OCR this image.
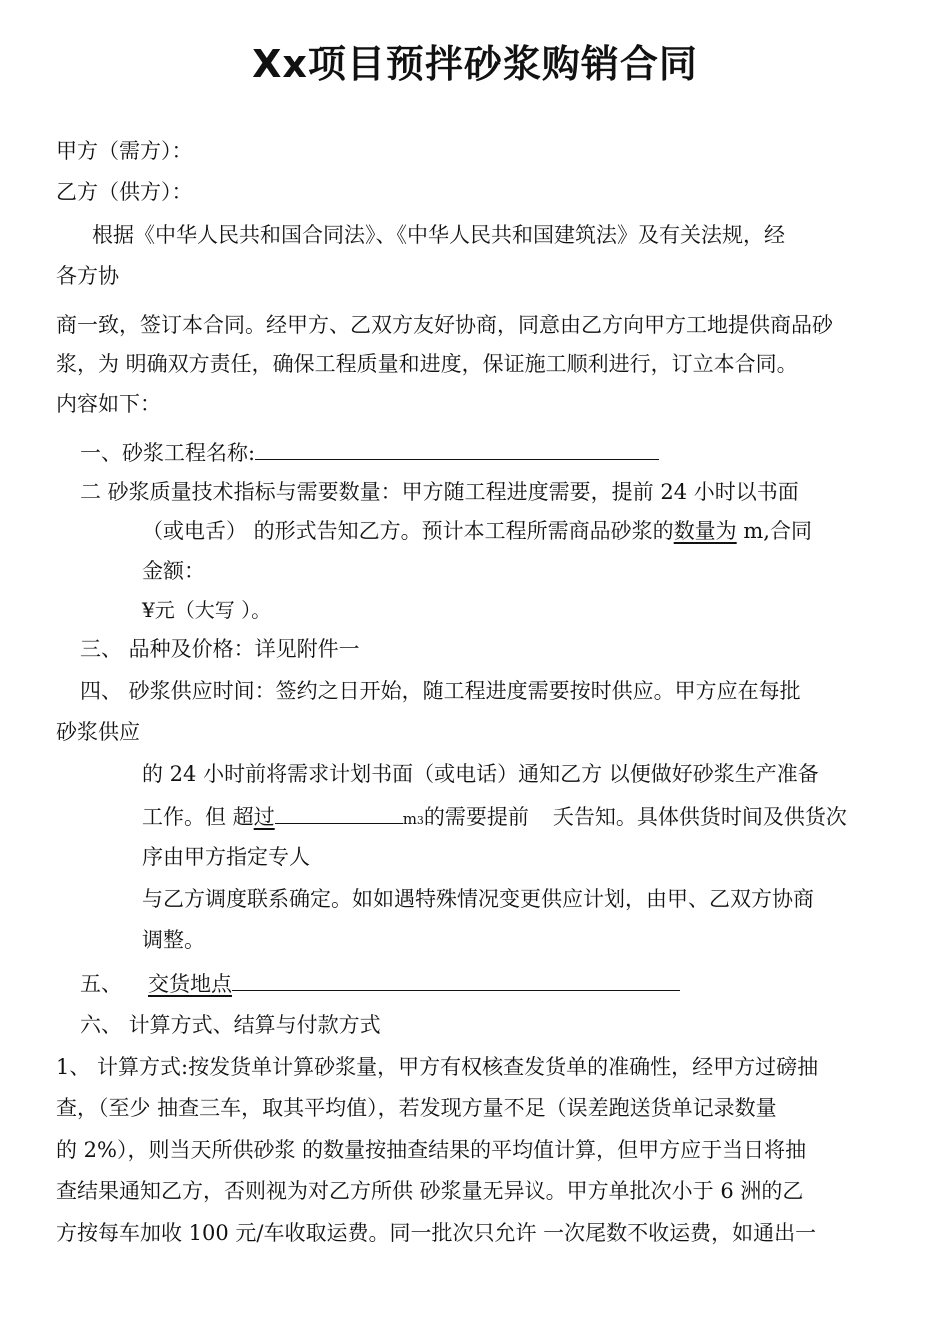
Xx项目预拌砂浆购销合同
甲方（需方）：
乙方（供方）：
根据《中华人民共和国合同法》、《中华人民共和国建筑法》及有关法规，经
各方协
商一致，签订本合同。经甲方、乙双方友好协商，同意由乙方向甲方工地提供商品砂
浆，为 明确双方责任，确保工程质量和进度，保证施工顺利进行，订立本合同。
内容如下：
一、砂浆工程名称:
二 砂浆质量技术指标与需要数量：甲方随工程进度需要，提前 24 小时以书面
（或电舌） 的形式告知乙方。预计本工程所需商品砂浆的数量为 m,合同
金额：
¥元（大写 ）。
三、 品种及价格：详见附件一
四、 砂浆供应时间：签约之日开始，随工程进度需要按时供应。甲方应在每批
砂浆供应
的 24 小时前将需求计划书面（或电话）通知乙方 以便做好砂浆生产准备
工作。但 超过	m3的需要提前 夭告知。具体供货时间及供货次
序由甲方指定专人
与乙方调度联系确定。如如遇特殊情况变更供应计划，由甲、乙双方协商
调整。
五、 交货地点
六、 计算方式、结算与付款方式
1、 计算方式:按发货单计算砂浆量，甲方有权核查发货单的准确性，经甲方过磅抽
查，（至少 抽查三车，取其平均值），若发现方量不足（误差跑送货单记录数量
的 2%），则当天所供砂浆 的数量按抽查结果的平均值计算，但甲方应于当日将抽
查结果通知乙方，否则视为对乙方所供 砂浆量无异议。甲方单批次小于 6 洲的乙
方按每车加收 100 元/车收取运费。同一批次只允许 一次尾数不收运费，如通出一
